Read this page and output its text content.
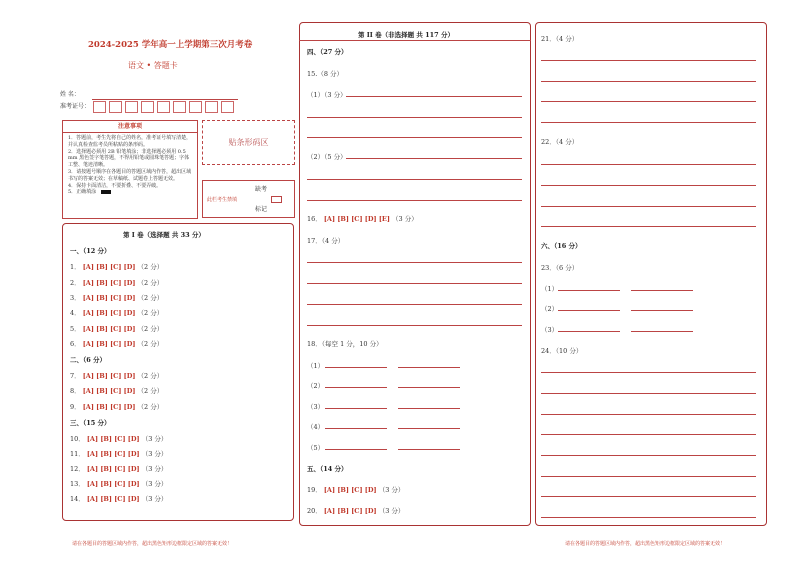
2024-2025 学年高一上学期第三次月考卷
语文 • 答题卡
姓 名：
准考证号：
注意事项
1．答题前，考生先将自己的姓名，准考证号填写清楚，并认真检查监考员所粘贴的条形码。
2．选择题必须用 2B 铅笔填涂；非选择题必须用 0.5 mm 黑色签字笔答题，不得用铅笔或圆珠笔答题；字体工整、笔迹清晰。
3．请按题号顺序在各题目的答题区域内作答，超出区域书写的答案无效；在草稿纸、试题卷上答题无效。
4．保持卡面清洁，不要折叠、不要弄破。
5．正确填涂
贴条形码区
缺考
此栏考生禁填
标记
第 I 卷（选择题 共 33 分）
一、（12 分）
1． [A] [B] [C] [D] （2 分）
2． [A] [B] [C] [D] （2 分）
3． [A] [B] [C] [D] （2 分）
4． [A] [B] [C] [D] （2 分）
5． [A] [B] [C] [D] （2 分）
6． [A] [B] [C] [D] （2 分）
二、（6 分）
7． [A] [B] [C] [D] （2 分）
8． [A] [B] [C] [D] （2 分）
9． [A] [B] [C] [D] （2 分）
三、（15 分）
10． [A] [B] [C] [D] （3 分）
11． [A] [B] [C] [D] （3 分）
12． [A] [B] [C] [D] （3 分）
13． [A] [B] [C] [D] （3 分）
14． [A] [B] [C] [D] （3 分）
请在各题目的答题区域内作答，超出黑色矩形边框限定区域的答案无效！
第 II 卷（非选择题 共 117 分）
四、（27 分）
15.（8 分）
（1）（3 分）
（2）（5 分）
16． [A] [B] [C] [D] [E] （3 分）
17．（4 分）
18．（每空 1 分，10 分）
（1）
（2）
（3）
（4）
（5）
五、（14 分）
19． [A] [B] [C] [D] （3 分）
20． [A] [B] [C] [D] （3 分）
21．（4 分）
22．（4 分）
六、（16 分）
23．（6 分）
（1）
（2）
（3）
24．（10 分）
请在各题目的答题区域内作答，超出黑色矩形边框限定区域的答案无效！
